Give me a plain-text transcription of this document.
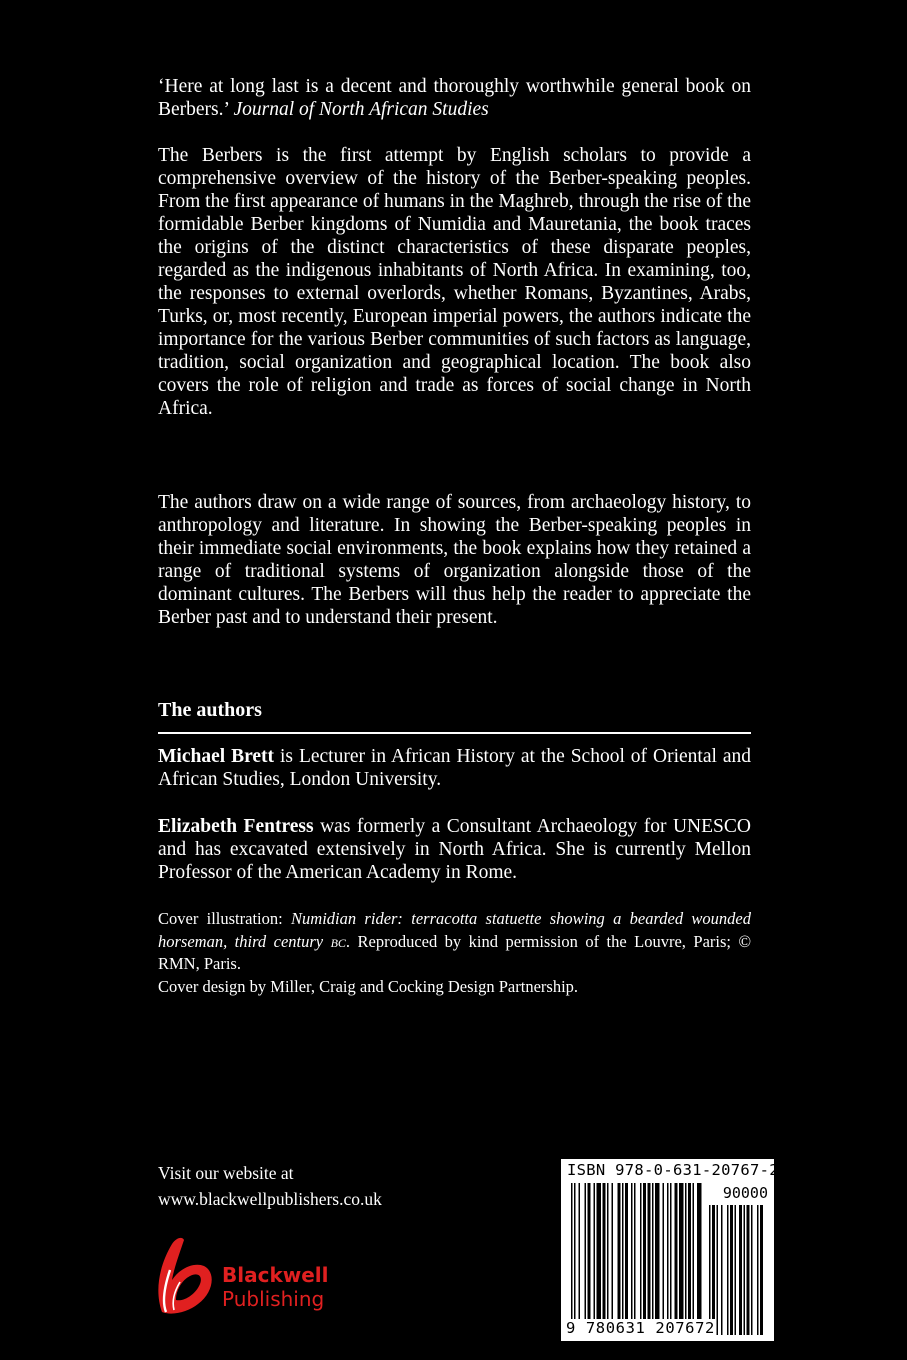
‘Here at long last is a decent and thoroughly worthwhile general book on Berbers.’ Journal of North African Studies

The Berbers is the first attempt by English scholars to provide a comprehensive overview of the history of the Berber-speaking peoples. From the first appearance of humans in the Maghreb, through the rise of the formidable Berber kingdoms of Numidia and Mauretania, the book traces the origins of the distinct characteristics of these disparate peoples, regarded as the indigenous inhabitants of North Africa. In examining, too, the responses to external overlords, whether Romans, Byzantines, Arabs, Turks, or, most recently, European imperial powers, the authors indicate the importance for the various Berber communities of such factors as language, tradition, social organization and geographical location. The book also covers the role of religion and trade as forces of social change in North Africa.

The authors draw on a wide range of sources, from archaeology history, to anthropology and literature. In showing the Berber-speaking peoples in their immediate social environments, the book explains how they retained a range of traditional systems of organization alongside those of the dominant cultures. The Berbers will thus help the reader to appreciate the Berber past and to understand their present.

The authors

Michael Brett is Lecturer in African History at the School of Oriental and African Studies, London University.

Elizabeth Fentress was formerly a Consultant Archaeology for UNESCO and has excavated extensively in North Africa. She is currently Mellon Professor of the American Academy in Rome.

Cover illustration: Numidian rider: terracotta statuette showing a bearded wounded horseman, third century bc. Reproduced by kind permission of the Louvre, Paris; © RMN, Paris.
Cover design by Miller, Craig and Cocking Design Partnership.
Visit our website at
www.blackwellpublishers.co.uk
Blackwell
Publishing
ISBN 978-0-631-20767-2
90000
9 780631 207672
